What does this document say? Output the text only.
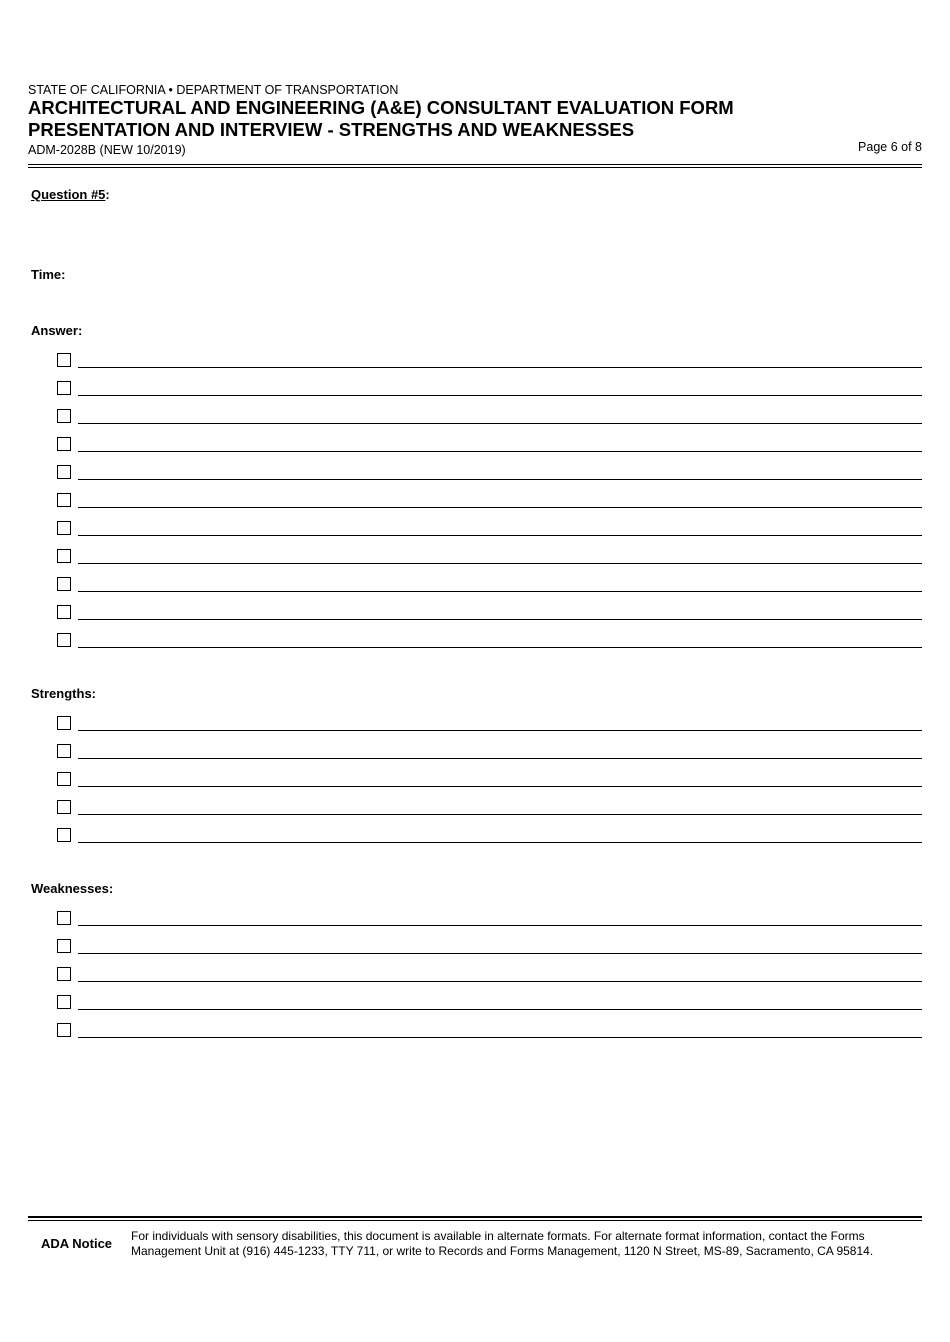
STATE OF CALIFORNIA • DEPARTMENT OF TRANSPORTATION
ARCHITECTURAL AND ENGINEERING (A&E) CONSULTANT EVALUATION FORM
PRESENTATION AND INTERVIEW - STRENGTHS AND WEAKNESSES
ADM-2028B (NEW 10/2019)	Page 6 of 8
Question #5:
Time:
Answer:
Strengths:
Weaknesses:
ADA Notice For individuals with sensory disabilities, this document is available in alternate formats. For alternate format information, contact the Forms Management Unit at (916) 445-1233, TTY 711, or write to Records and Forms Management, 1120 N Street, MS-89, Sacramento, CA 95814.
